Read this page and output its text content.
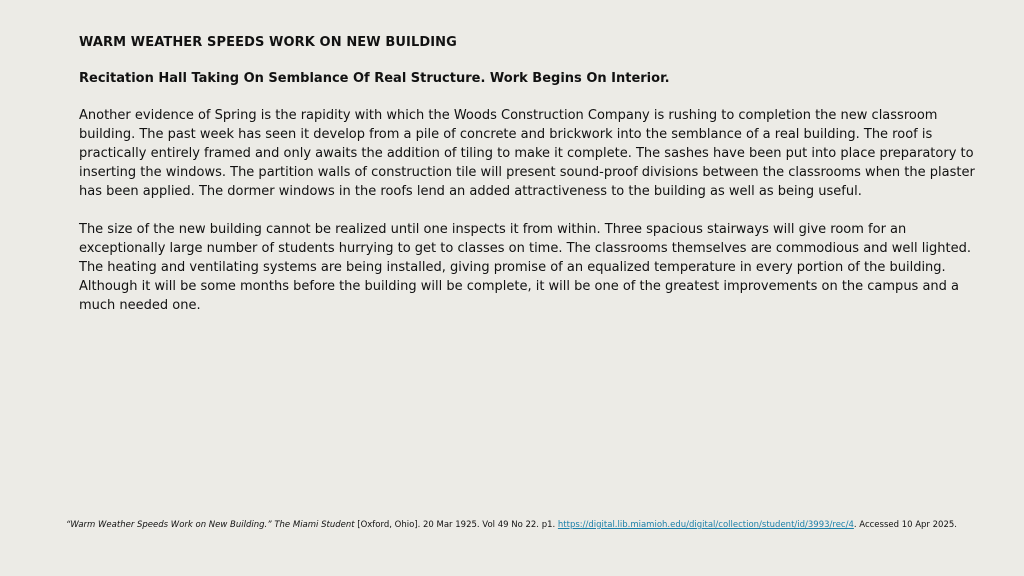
WARM WEATHER SPEEDS WORK ON NEW BUILDING

Recitation Hall Taking On Semblance Of Real Structure. Work Begins On Interior.

Another evidence of Spring is the rapidity with which the Woods Construction Company is rushing to completion the new classroom building. The past week has seen it develop from a pile of concrete and brickwork into the semblance of a real building. The roof is practically entirely framed and only awaits the addition of tiling to make it complete. The sashes have been put into place preparatory to inserting the windows. The partition walls of construction tile will present sound-proof divisions between the classrooms when the plaster has been applied. The dormer windows in the roofs lend an added attractiveness to the building as well as being useful.

The size of the new building cannot be realized until one inspects it from within. Three spacious stairways will give room for an exceptionally large number of students hurrying to get to classes on time. The classrooms themselves are commodious and well lighted. The heating and ventilating systems are being installed, giving promise of an equalized temperature in every portion of the building. Although it will be some months before the building will be complete, it will be one of the greatest improvements on the campus and a much needed one.

“Warm Weather Speeds Work on New Building.” The Miami Student [Oxford, Ohio]. 20 Mar 1925. Vol 49 No 22. p1. https://digital.lib.miamioh.edu/digital/collection/student/id/3993/rec/4. Accessed 10 Apr 2025.
